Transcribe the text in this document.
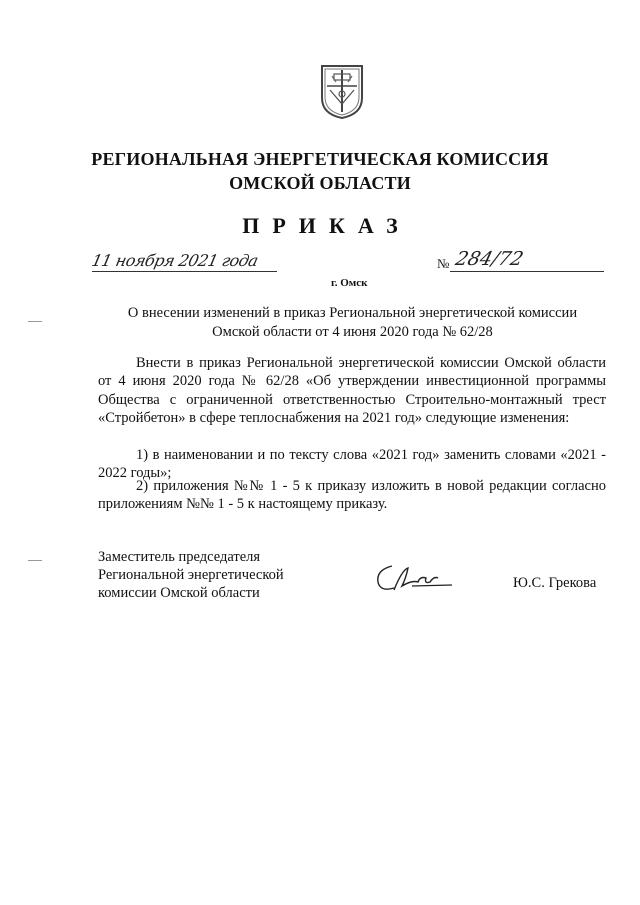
РЕГИОНАЛЬНАЯ ЭНЕРГЕТИЧЕСКАЯ КОМИССИЯ
ОМСКОЙ ОБЛАСТИ
ПРИКАЗ
11 ноября 2021 года
г. Омск
№ 284/72
О внесении изменений в приказ Региональной энергетической комиссии
Омской области от 4 июня 2020 года № 62/28
Внести в приказ Региональной энергетической комиссии Омской области от 4 июня 2020 года № 62/28 «Об утверждении инвестиционной программы Общества с ограниченной ответственностью Строительно-монтажный трест «Стройбетон» в сфере теплоснабжения на 2021 год» следующие изменения:
1) в наименовании и по тексту слова «2021 год» заменить словами «2021 - 2022 годы»;
2) приложения №№ 1 - 5 к приказу изложить в новой редакции согласно приложениям №№ 1 - 5 к настоящему приказу.
Заместитель председателя
Региональной энергетической
комиссии Омской области
Ю.С. Грекова
